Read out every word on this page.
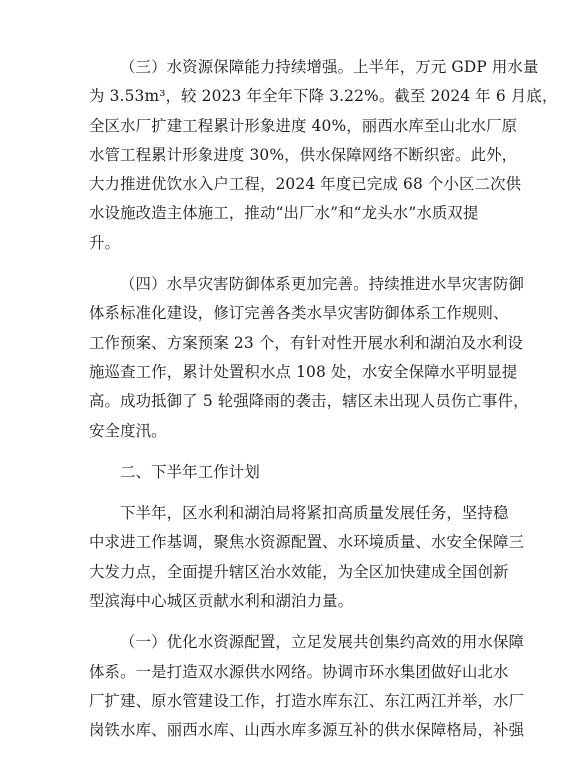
（三）水资源保障能力持续增强。上半年，万元 GDP 用水量
为 3.53m³，较 2023 年全年下降 3.22%。截至 2024 年 6 月底，
全区水厂扩建工程累计形象进度 40%，丽西水库至山北水厂原
水管工程累计形象进度 30%，供水保障网络不断织密。此外，
大力推进优饮水入户工程，2024 年度已完成 68 个小区二次供
水设施改造主体施工，推动“出厂水”和“龙头水”水质双提
升。

（四）水旱灾害防御体系更加完善。持续推进水旱灾害防御
体系标准化建设，修订完善各类水旱灾害防御体系工作规则、
工作预案、方案预案 23 个，有针对性开展水利和湖泊及水利设
施巡查工作，累计处置积水点 108 处，水安全保障水平明显提
高。成功抵御了 5 轮强降雨的袭击，辖区未出现人员伤亡事件，
安全度汛。

二、下半年工作计划

下半年，区水利和湖泊局将紧扣高质量发展任务，坚持稳
中求进工作基调，聚焦水资源配置、水环境质量、水安全保障三
大发力点，全面提升辖区治水效能，为全区加快建成全国创新
型滨海中心城区贡献水利和湖泊力量。

（一）优化水资源配置，立足发展共创集约高效的用水保障
体系。一是打造双水源供水网络。协调市环水集团做好山北水
厂扩建、原水管建设工作，打造水库东江、东江两江并举，水厂
岗铁水库、丽西水库、山西水库多源互补的供水保障格局，补强
